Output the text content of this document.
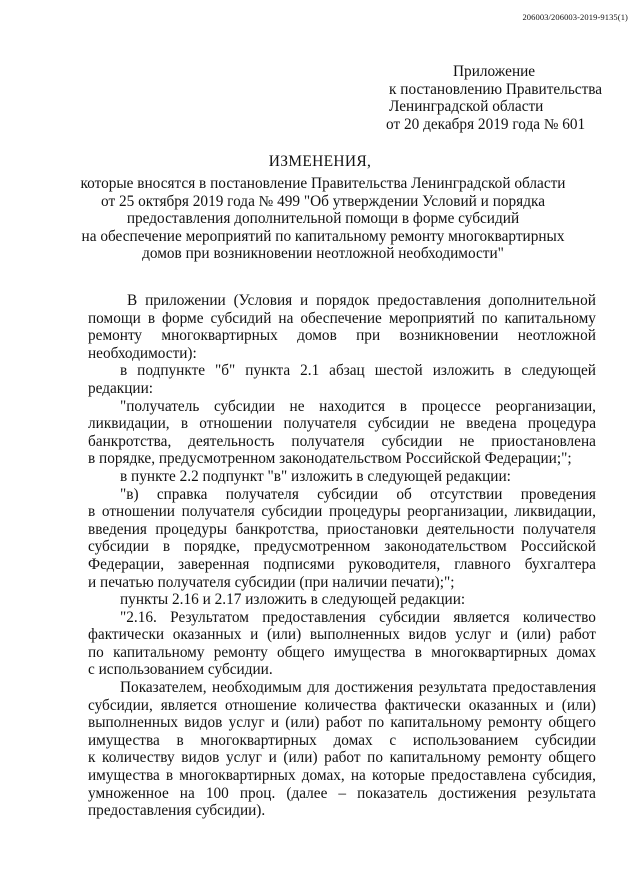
206003/206003-2019-9135(1)
Приложение
к постановлению Правительства
Ленинградской области
от 20 декабря 2019 года № 601
ИЗМЕНЕНИЯ,
которые вносятся в постановление Правительства Ленинградской области
от 25 октября 2019 года № 499 "Об утверждении Условий и порядка
предоставления дополнительной помощи в форме субсидий
на обеспечение мероприятий по капитальному ремонту многоквартирных
домов при возникновении неотложной необходимости"
В приложении (Условия и порядок предоставления дополнительной
помощи в форме субсидий на обеспечение мероприятий по капитальному
ремонту многоквартирных домов при возникновении неотложной
необходимости):
в подпункте "б" пункта 2.1 абзац шестой изложить в следующей
редакции:
"получатель субсидии не находится в процессе реорганизации,
ликвидации, в отношении получателя субсидии не введена процедура
банкротства, деятельность получателя субсидии не приостановлена
в порядке, предусмотренном законодательством Российской Федерации;";
в пункте 2.2 подпункт "в" изложить в следующей редакции:
"в) справка получателя субсидии об отсутствии проведения
в отношении получателя субсидии процедуры реорганизации, ликвидации,
введения процедуры банкротства, приостановки деятельности получателя
субсидии в порядке, предусмотренном законодательством Российской
Федерации, заверенная подписями руководителя, главного бухгалтера
и печатью получателя субсидии (при наличии печати);";
пункты 2.16 и 2.17 изложить в следующей редакции:
"2.16. Результатом предоставления субсидии является количество
фактически оказанных и (или) выполненных видов услуг и (или) работ
по капитальному ремонту общего имущества в многоквартирных домах
с использованием субсидии.
Показателем, необходимым для достижения результата предоставления
субсидии, является отношение количества фактически оказанных и (или)
выполненных видов услуг и (или) работ по капитальному ремонту общего
имущества в многоквартирных домах с использованием субсидии
к количеству видов услуг и (или) работ по капитальному ремонту общего
имущества в многоквартирных домах, на которые предоставлена субсидия,
умноженное на 100 проц. (далее – показатель достижения результата
предоставления субсидии).
